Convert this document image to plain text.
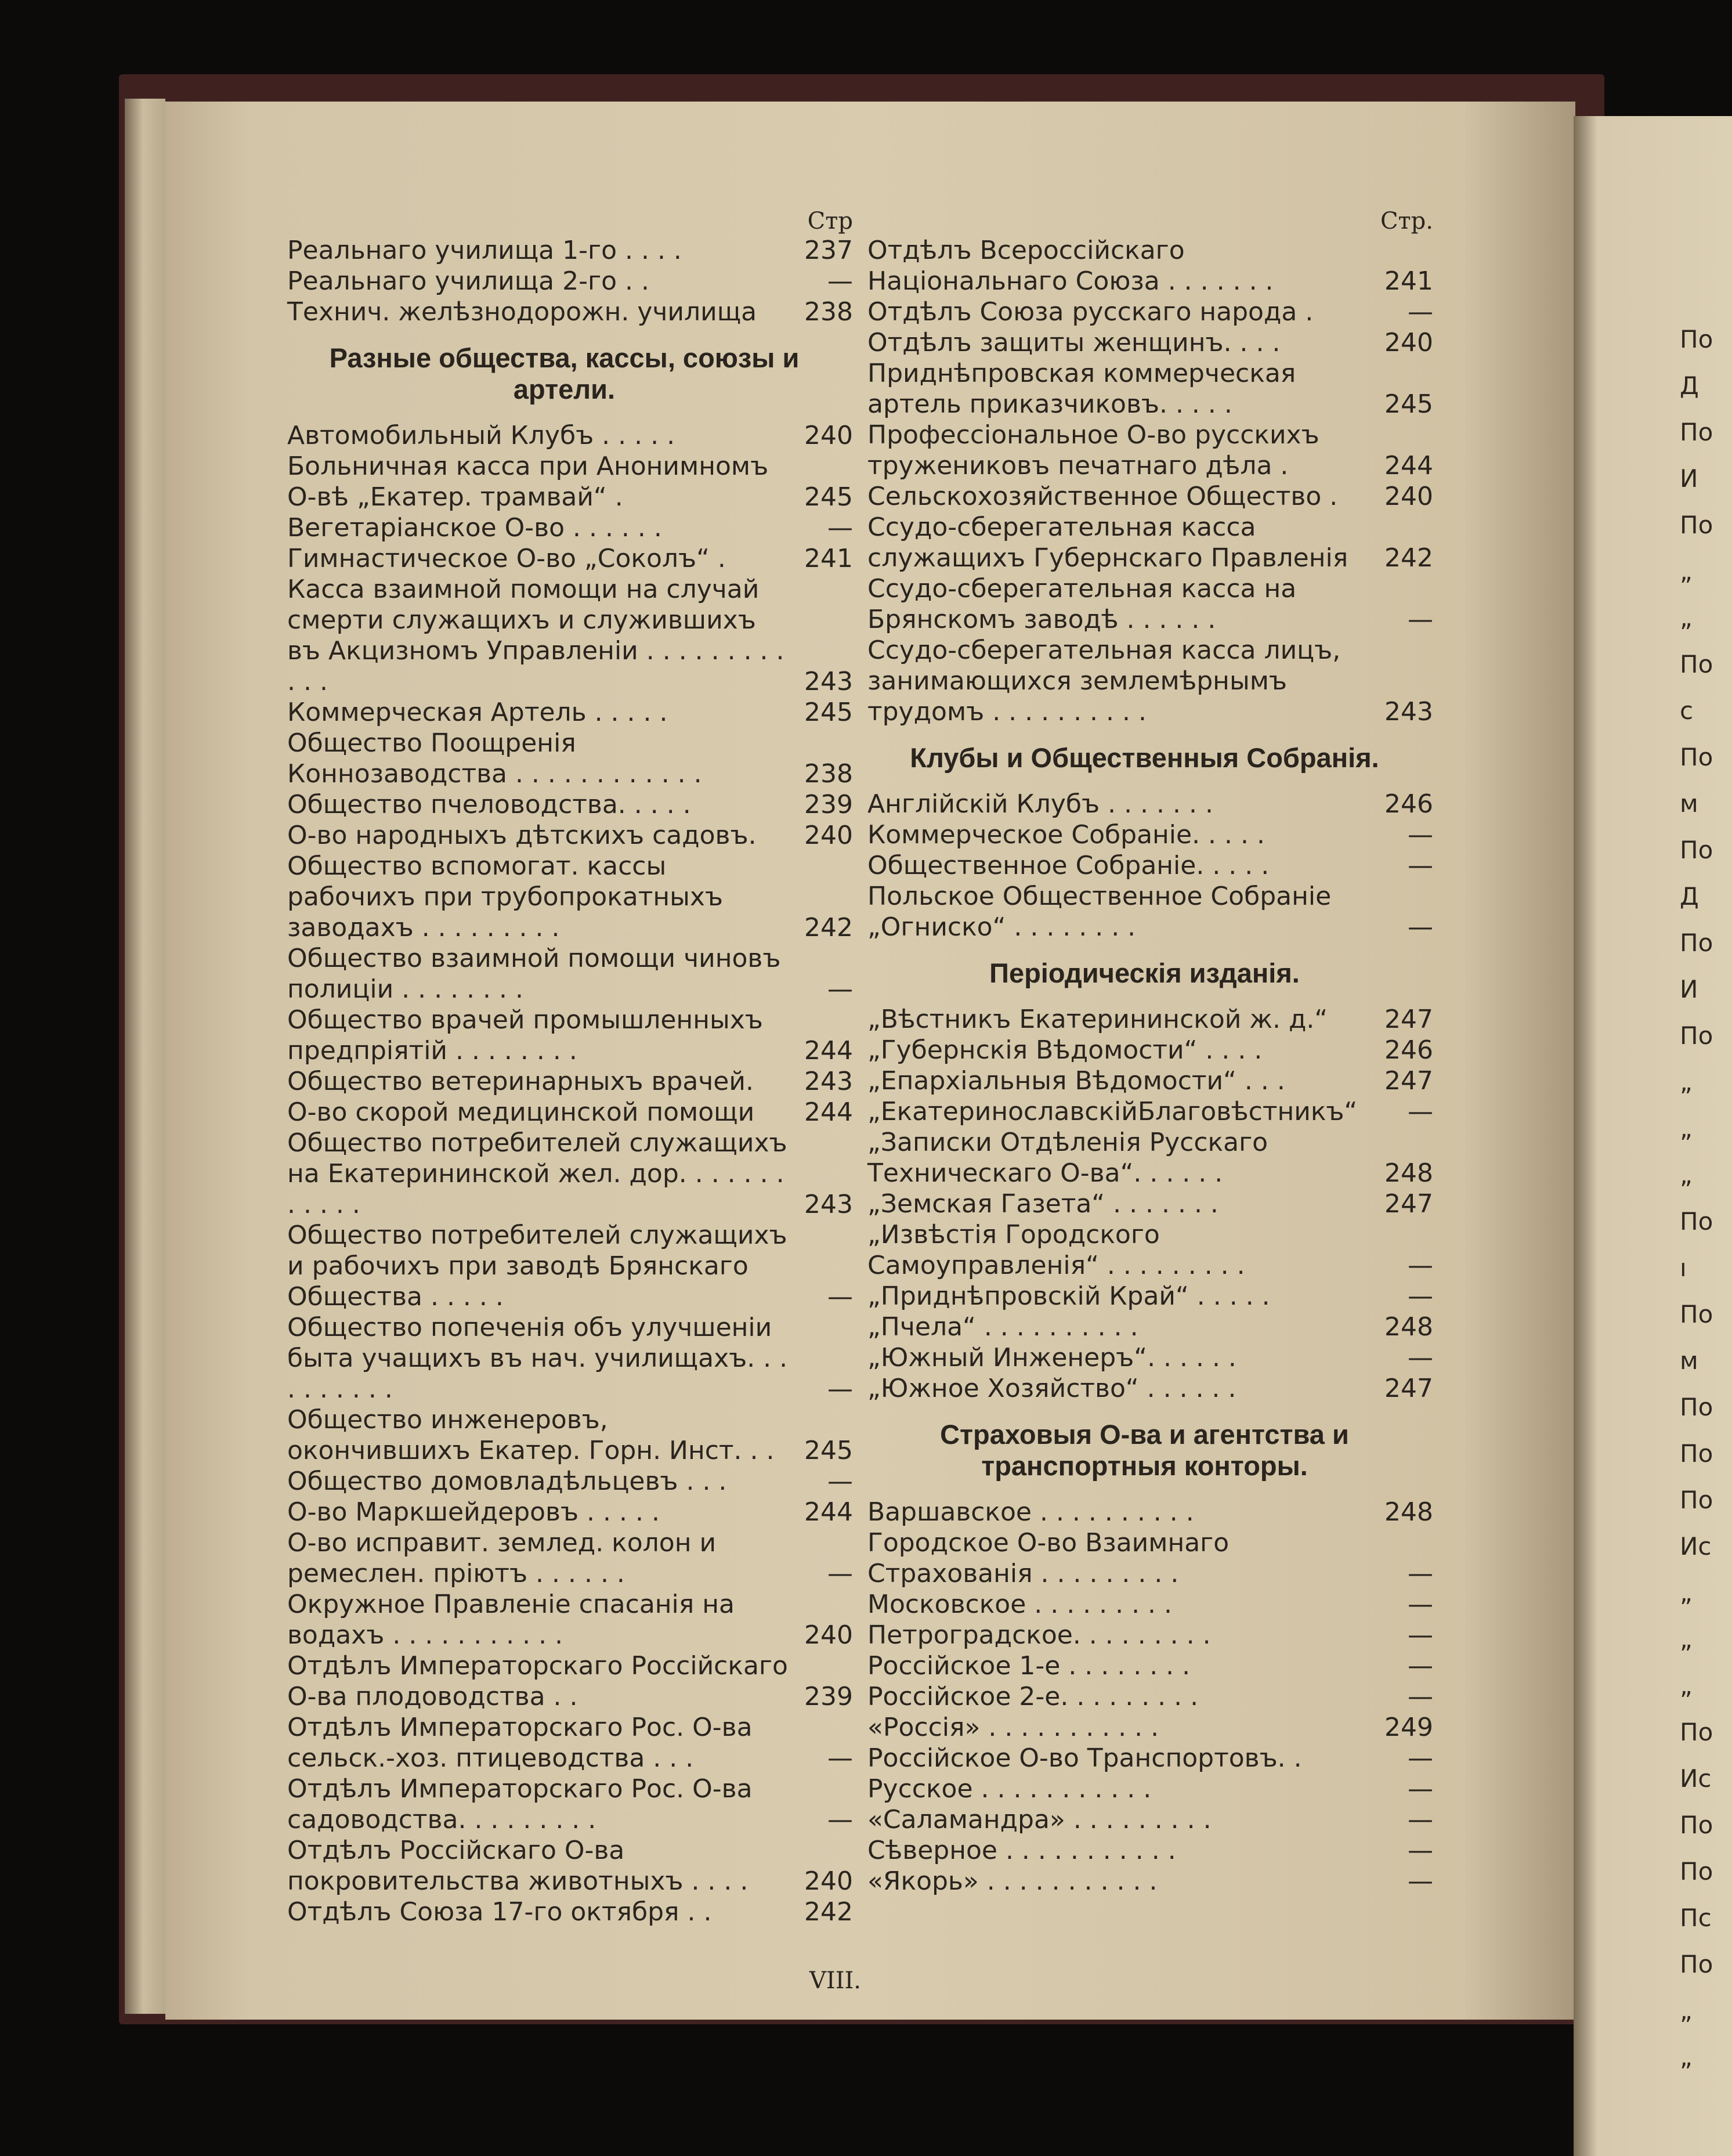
Стр
Реальнаго училища 1-го . . . .	237
Реальнаго училища 2-го . .	—
Технич. желѣзнодорожн. училища	238
Разные общества, кассы, союзы и артели.
Автомобильный Клубъ . . . . .	240
Больничная касса при Анонимномъ О-вѣ „Екатер. трамвай“ .	245
Вегетаріанское О-во . . . . . .	—
Гимнастическое О-во „Соколъ“ .	241
Касса взаимной помощи на случай смерти служащихъ и служившихъ въ Акцизномъ Управленіи . . . . . . . . . . . .	243
Коммерческая Артель . . . . .	245
Общество Поощренія Коннозаводства . . . . . . . . . . . .	238
Общество пчеловодства. . . . .	239
О-во народныхъ дѣтскихъ садовъ.	240
Общество вспомогат. кассы рабочихъ при трубопрокатныхъ заводахъ . . . . . . . . .	242
Общество взаимной помощи чиновъ полиціи . . . . . . . .	—
Общество врачей промышленныхъ предпріятій . . . . . . . .	244
Общество ветеринарныхъ врачей.	243
О-во скорой медицинской помощи	244
Общество потребителей служащихъ на Екатерининской жел. дор. . . . . . . . . . . .	243
Общество потребителей служащихъ и рабочихъ при заводѣ Брянскаго Общества . . . . .	—
Общество попеченія объ улучшеніи быта учащихъ въ нач. училищахъ. . . . . . . . . .	—
Общество инженеровъ, окончившихъ Екатер. Горн. Инст. . .	245
Общество домовладѣльцевъ . . .	—
О-во Маркшейдеровъ . . . . .	244
О-во исправит. землед. колон и ремеслен. пріютъ . . . . . .	—
Окружное Правленіе спасанія на водахъ . . . . . . . . . . .	240
Отдѣлъ Императорскаго Россійскаго О-ва плодоводства . .	239
Отдѣлъ Императорскаго Рос. О-ва сельск.-хоз. птицеводства . . .	—
Отдѣлъ Императорскаго Рос. О-ва садоводства. . . . . . . . .	—
Отдѣлъ Россійскаго О-ва покровительства животныхъ . . . .	240
Отдѣлъ Союза 17-го октября . .	242
Стр.
Отдѣлъ Всероссійскаго Національнаго Союза . . . . . . .	241
Отдѣлъ Союза русскаго народа .	—
Отдѣлъ защиты женщинъ. . . .	240
Приднѣпровская коммерческая артель приказчиковъ. . . . .	245
Профессіональное О-во русскихъ тружениковъ печатнаго дѣла .	244
Сельскохозяйственное Общество .	240
Ссудо-сберегательная касса служащихъ Губернскаго Правленія	242
Ссудо-сберегательная касса на Брянскомъ заводѣ . . . . . .	—
Ссудо-сберегательная касса лицъ, занимающихся землемѣрнымъ трудомъ . . . . . . . . . .	243
Клубы и Общественныя Собранія.
Англійскій Клубъ . . . . . . .	246
Коммерческое Собраніе. . . . .	—
Общественное Собраніе. . . . .	—
Польское Общественное Собраніе „Огниско“ . . . . . . . .	—
Періодическія изданія.
„Вѣстникъ Екатерининской ж. д.“	247
„Губернскія Вѣдомости“ . . . .	246
„Епархіальныя Вѣдомости“ . . .	247
„ЕкатеринославскійБлаговѣстникъ“	—
„Записки Отдѣленія Русскаго Техническаго О-ва“. . . . . .	248
„Земская Газета“ . . . . . . .	247
„Извѣстія Городского Самоуправленія“ . . . . . . . . .	—
„Приднѣпровскій Край“ . . . . .	—
„Пчела“ . . . . . . . . . .	248
„Южный Инженеръ“. . . . . .	—
„Южное Хозяйство“ . . . . . .	247
Страховыя О-ва и агентства и транспортныя конторы.
Варшавское . . . . . . . . . .	248
Городское О-во Взаимнаго Страхованія . . . . . . . . .	—
Московское . . . . . . . . .	—
Петроградское. . . . . . . . .	—
Россійское 1-е . . . . . . . .	—
Россійское 2-е. . . . . . . . .	—
«Россія» . . . . . . . . . . .	249
Россійское О-во Транспортовъ. .	—
Русское . . . . . . . . . . .	—
«Саламандра» . . . . . . . . .	—
Сѣверное . . . . . . . . . . .	—
«Якорь» . . . . . . . . . . .	—
VIII.
По
Д
По
И
По
„
„
По
с
По
м
По
Д
По
И
По
„
„
„
По
ı
По
м
По
По
По
Ис
„
„
„
По
Ис
По
По
Пс
По
„
„
